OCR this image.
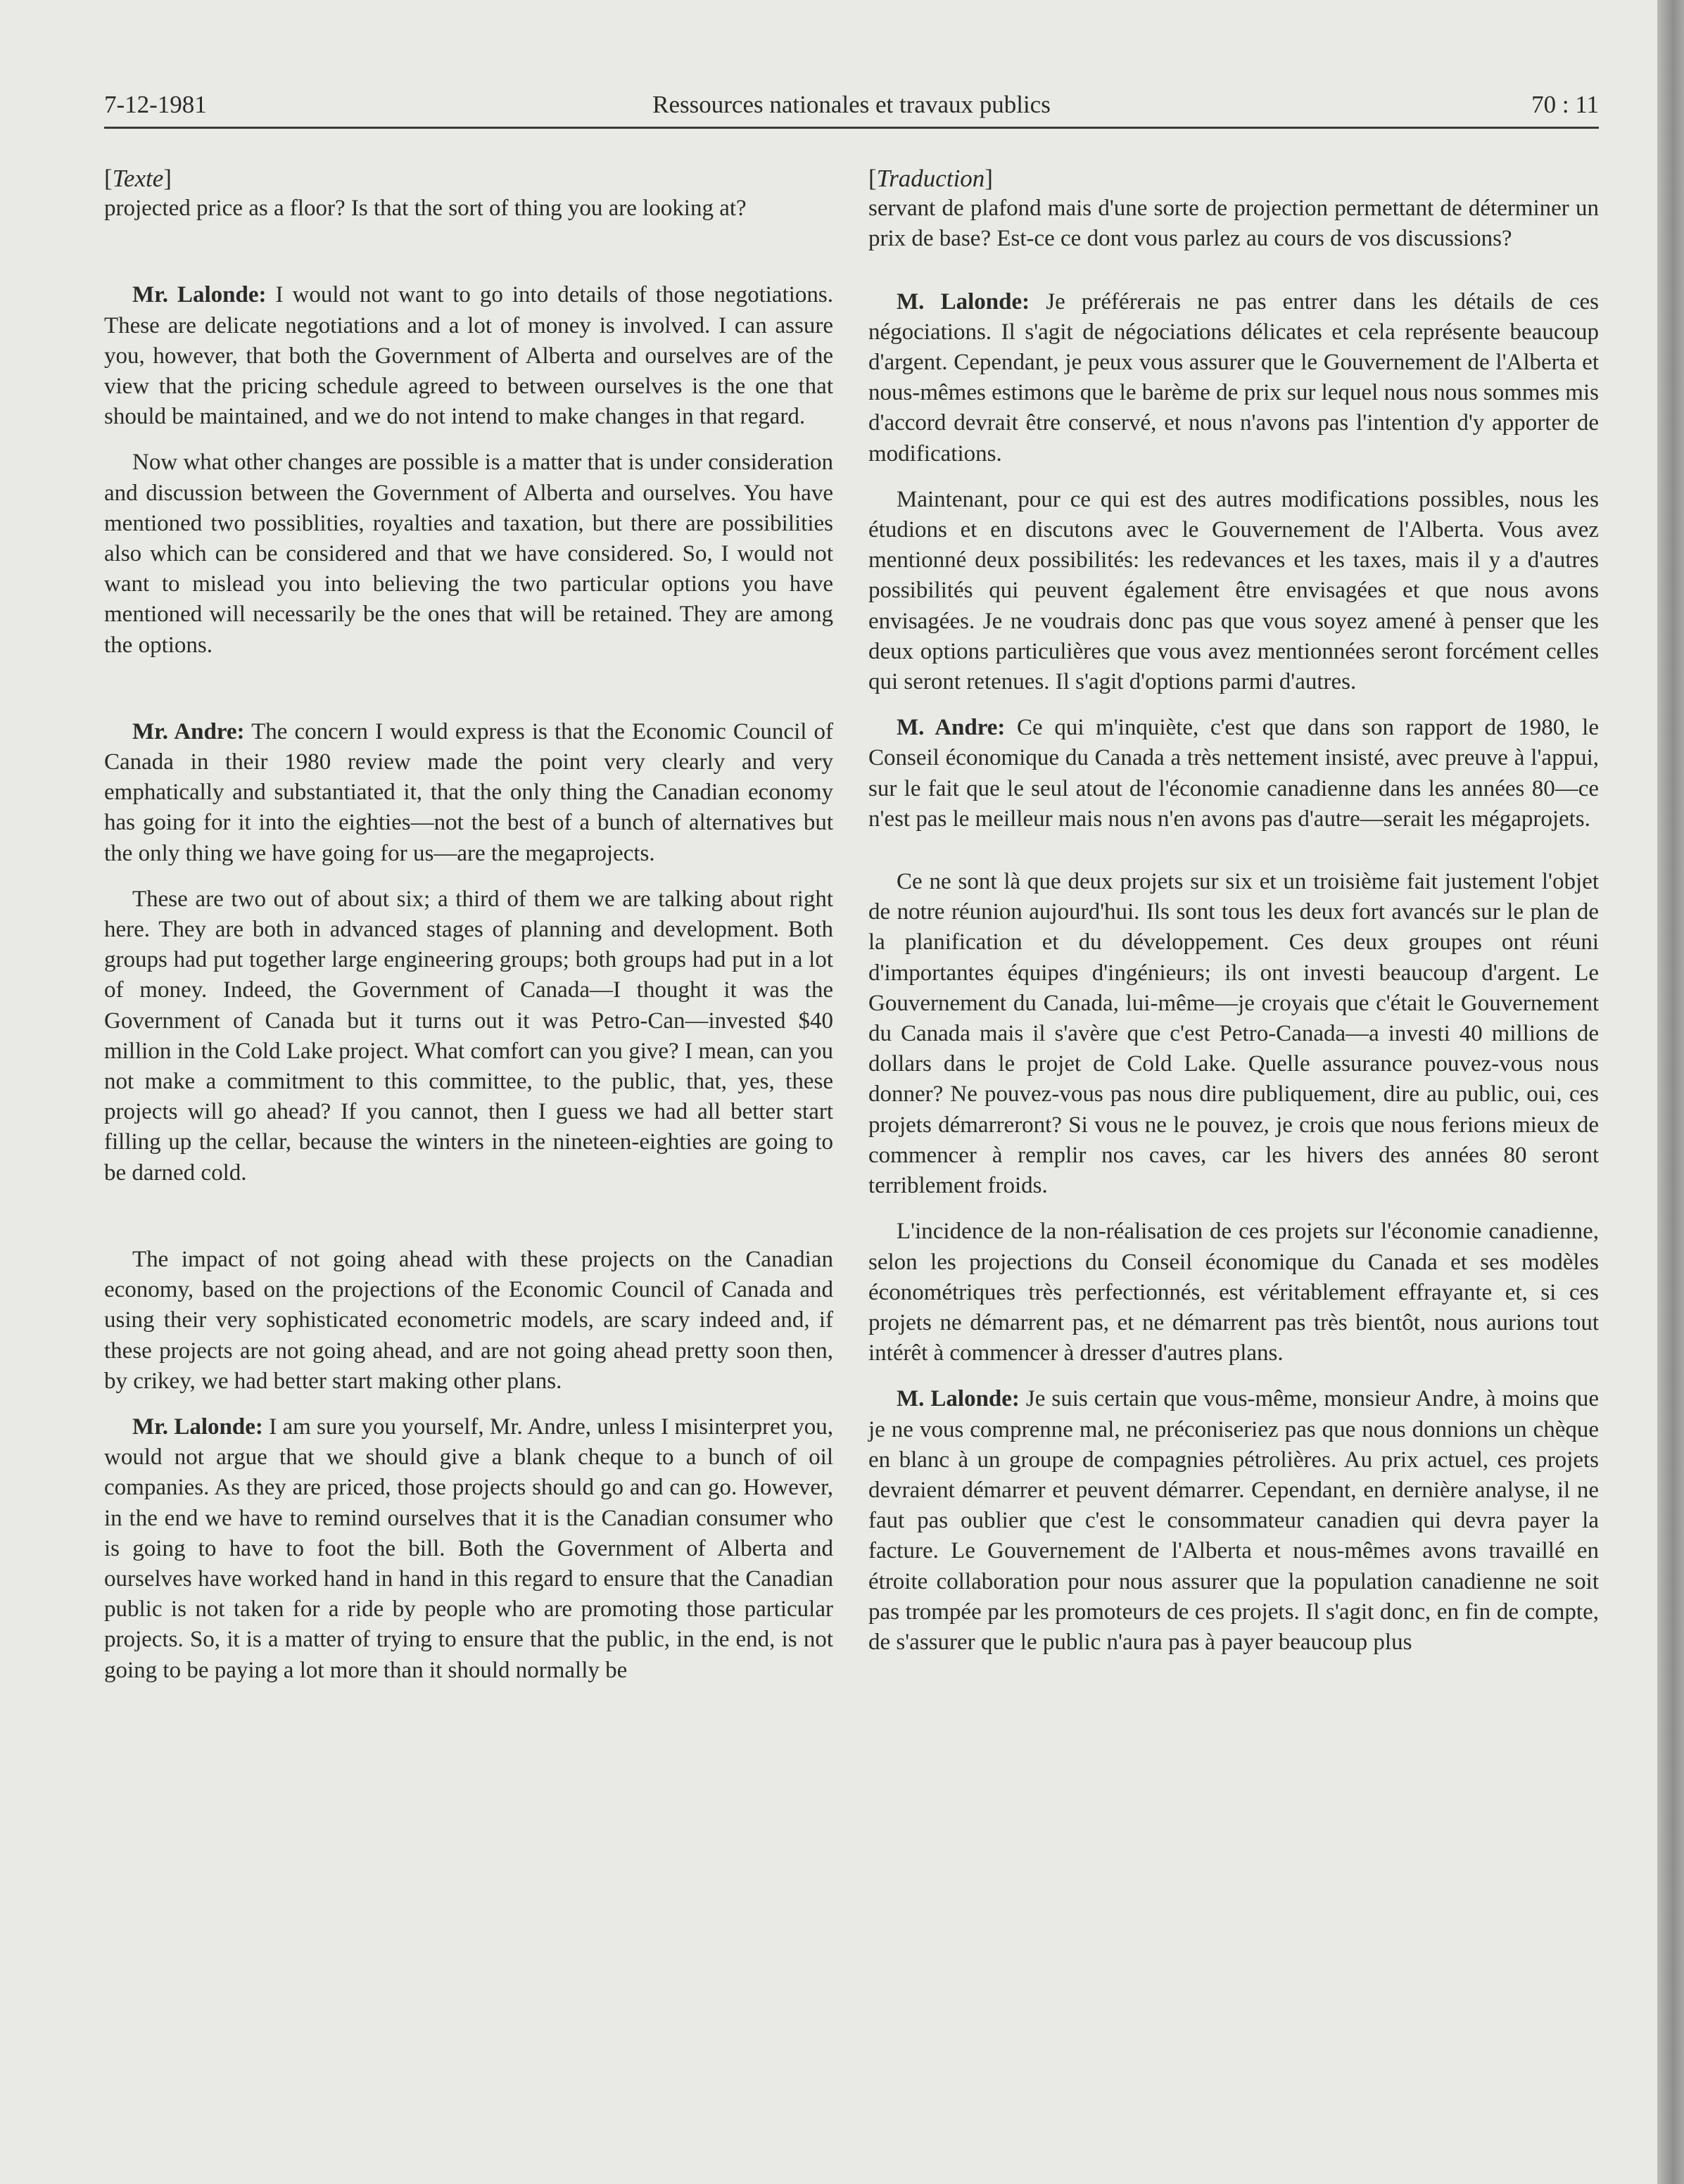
7-12-1981	Ressources nationales et travaux publics	70 : 11

[Texte]

projected price as a floor? Is that the sort of thing you are looking at?

Mr. Lalonde: I would not want to go into details of those negotiations. These are delicate negotiations and a lot of money is involved. I can assure you, however, that both the Government of Alberta and ourselves are of the view that the pricing schedule agreed to between ourselves is the one that should be maintained, and we do not intend to make changes in that regard.

Now what other changes are possible is a matter that is under consideration and discussion between the Government of Alberta and ourselves. You have mentioned two possiblities, royalties and taxation, but there are possibilities also which can be considered and that we have considered. So, I would not want to mislead you into believing the two particular options you have mentioned will necessarily be the ones that will be retained. They are among the options.

Mr. Andre: The concern I would express is that the Economic Council of Canada in their 1980 review made the point very clearly and very emphatically and substantiated it, that the only thing the Canadian economy has going for it into the eighties—not the best of a bunch of alternatives but the only thing we have going for us—are the megaprojects.

These are two out of about six; a third of them we are talking about right here. They are both in advanced stages of planning and development. Both groups had put together large engineering groups; both groups had put in a lot of money. Indeed, the Government of Canada—I thought it was the Government of Canada but it turns out it was Petro-Can—invested $40 million in the Cold Lake project. What comfort can you give? I mean, can you not make a commitment to this committee, to the public, that, yes, these projects will go ahead? If you cannot, then I guess we had all better start filling up the cellar, because the winters in the nineteen-eighties are going to be darned cold.

The impact of not going ahead with these projects on the Canadian economy, based on the projections of the Economic Council of Canada and using their very sophisticated econometric models, are scary indeed and, if these projects are not going ahead, and are not going ahead pretty soon then, by crikey, we had better start making other plans.

Mr. Lalonde: I am sure you yourself, Mr. Andre, unless I misinterpret you, would not argue that we should give a blank cheque to a bunch of oil companies. As they are priced, those projects should go and can go. However, in the end we have to remind ourselves that it is the Canadian consumer who is going to have to foot the bill. Both the Government of Alberta and ourselves have worked hand in hand in this regard to ensure that the Canadian public is not taken for a ride by people who are promoting those particular projects. So, it is a matter of trying to ensure that the public, in the end, is not going to be paying a lot more than it should normally be

[Traduction]

servant de plafond mais d'une sorte de projection permettant de déterminer un prix de base? Est-ce ce dont vous parlez au cours de vos discussions?

M. Lalonde: Je préférerais ne pas entrer dans les détails de ces négociations. Il s'agit de négociations délicates et cela représente beaucoup d'argent. Cependant, je peux vous assurer que le Gouvernement de l'Alberta et nous-mêmes estimons que le barème de prix sur lequel nous nous sommes mis d'accord devrait être conservé, et nous n'avons pas l'intention d'y apporter de modifications.

Maintenant, pour ce qui est des autres modifications possibles, nous les étudions et en discutons avec le Gouvernement de l'Alberta. Vous avez mentionné deux possibilités: les redevances et les taxes, mais il y a d'autres possibilités qui peuvent également être envisagées et que nous avons envisagées. Je ne voudrais donc pas que vous soyez amené à penser que les deux options particulières que vous avez mentionnées seront forcément celles qui seront retenues. Il s'agit d'options parmi d'autres.

M. Andre: Ce qui m'inquiète, c'est que dans son rapport de 1980, le Conseil économique du Canada a très nettement insisté, avec preuve à l'appui, sur le fait que le seul atout de l'économie canadienne dans les années 80—ce n'est pas le meilleur mais nous n'en avons pas d'autre—serait les mégaprojets.

Ce ne sont là que deux projets sur six et un troisième fait justement l'objet de notre réunion aujourd'hui. Ils sont tous les deux fort avancés sur le plan de la planification et du développement. Ces deux groupes ont réuni d'importantes équipes d'ingénieurs; ils ont investi beaucoup d'argent. Le Gouvernement du Canada, lui-même—je croyais que c'était le Gouvernement du Canada mais il s'avère que c'est Petro-Canada—a investi 40 millions de dollars dans le projet de Cold Lake. Quelle assurance pouvez-vous nous donner? Ne pouvez-vous pas nous dire publiquement, dire au public, oui, ces projets démarreront? Si vous ne le pouvez, je crois que nous ferions mieux de commencer à remplir nos caves, car les hivers des années 80 seront terriblement froids.

L'incidence de la non-réalisation de ces projets sur l'économie canadienne, selon les projections du Conseil économique du Canada et ses modèles économétriques très perfectionnés, est véritablement effrayante et, si ces projets ne démarrent pas, et ne démarrent pas très bientôt, nous aurions tout intérêt à commencer à dresser d'autres plans.

M. Lalonde: Je suis certain que vous-même, monsieur Andre, à moins que je ne vous comprenne mal, ne préconiseriez pas que nous donnions un chèque en blanc à un groupe de compagnies pétrolières. Au prix actuel, ces projets devraient démarrer et peuvent démarrer. Cependant, en dernière analyse, il ne faut pas oublier que c'est le consommateur canadien qui devra payer la facture. Le Gouvernement de l'Alberta et nous-mêmes avons travaillé en étroite collaboration pour nous assurer que la population canadienne ne soit pas trompée par les promoteurs de ces projets. Il s'agit donc, en fin de compte, de s'assurer que le public n'aura pas à payer beaucoup plus
